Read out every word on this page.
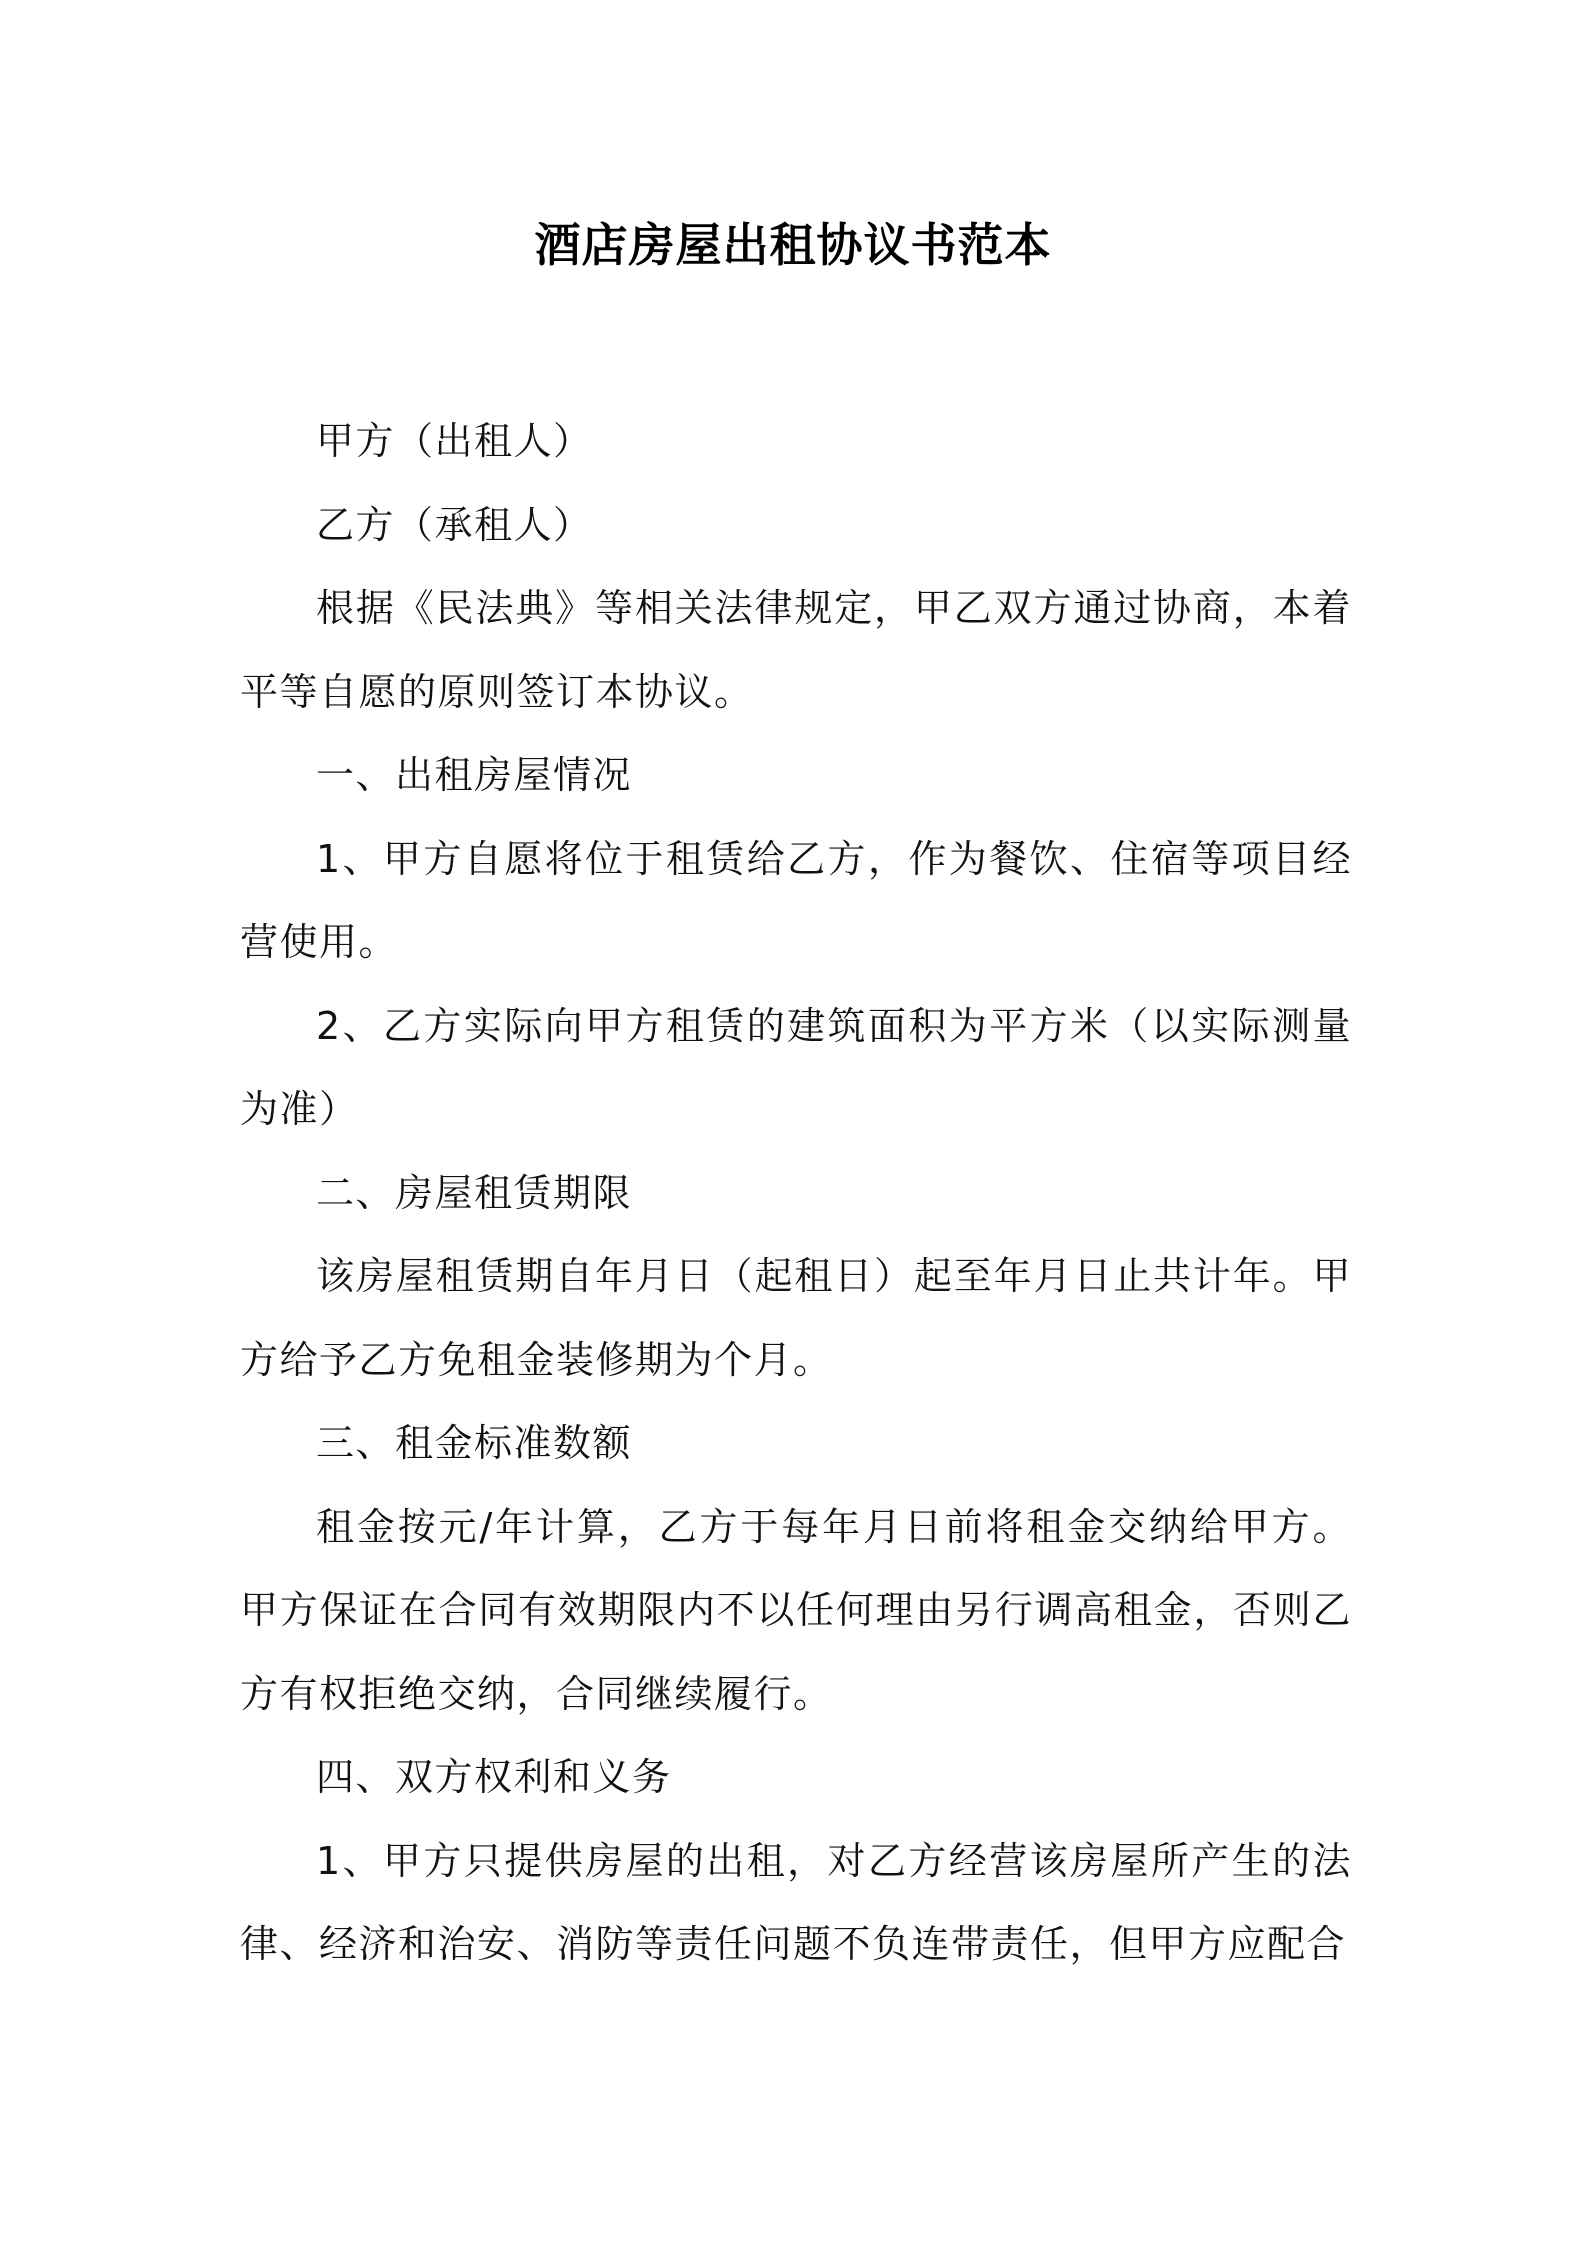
酒店房屋出租协议书范本

甲方（出租人）

乙方（承租人）

根据《民法典》等相关法律规定，甲乙双方通过协商，本着平等自愿的原则签订本协议。

一、出租房屋情况

1、甲方自愿将位于租赁给乙方，作为餐饮、住宿等项目经营使用。

2、乙方实际向甲方租赁的建筑面积为平方米（以实际测量为准）

二、房屋租赁期限

该房屋租赁期自年月日（起租日）起至年月日止共计年。甲方给予乙方免租金装修期为个月。

三、租金标准数额

租金按元/年计算，乙方于每年月日前将租金交纳给甲方。甲方保证在合同有效期限内不以任何理由另行调高租金，否则乙方有权拒绝交纳，合同继续履行。

四、双方权利和义务

1、甲方只提供房屋的出租，对乙方经营该房屋所产生的法律、经济和治安、消防等责任问题不负连带责任，但甲方应配合
